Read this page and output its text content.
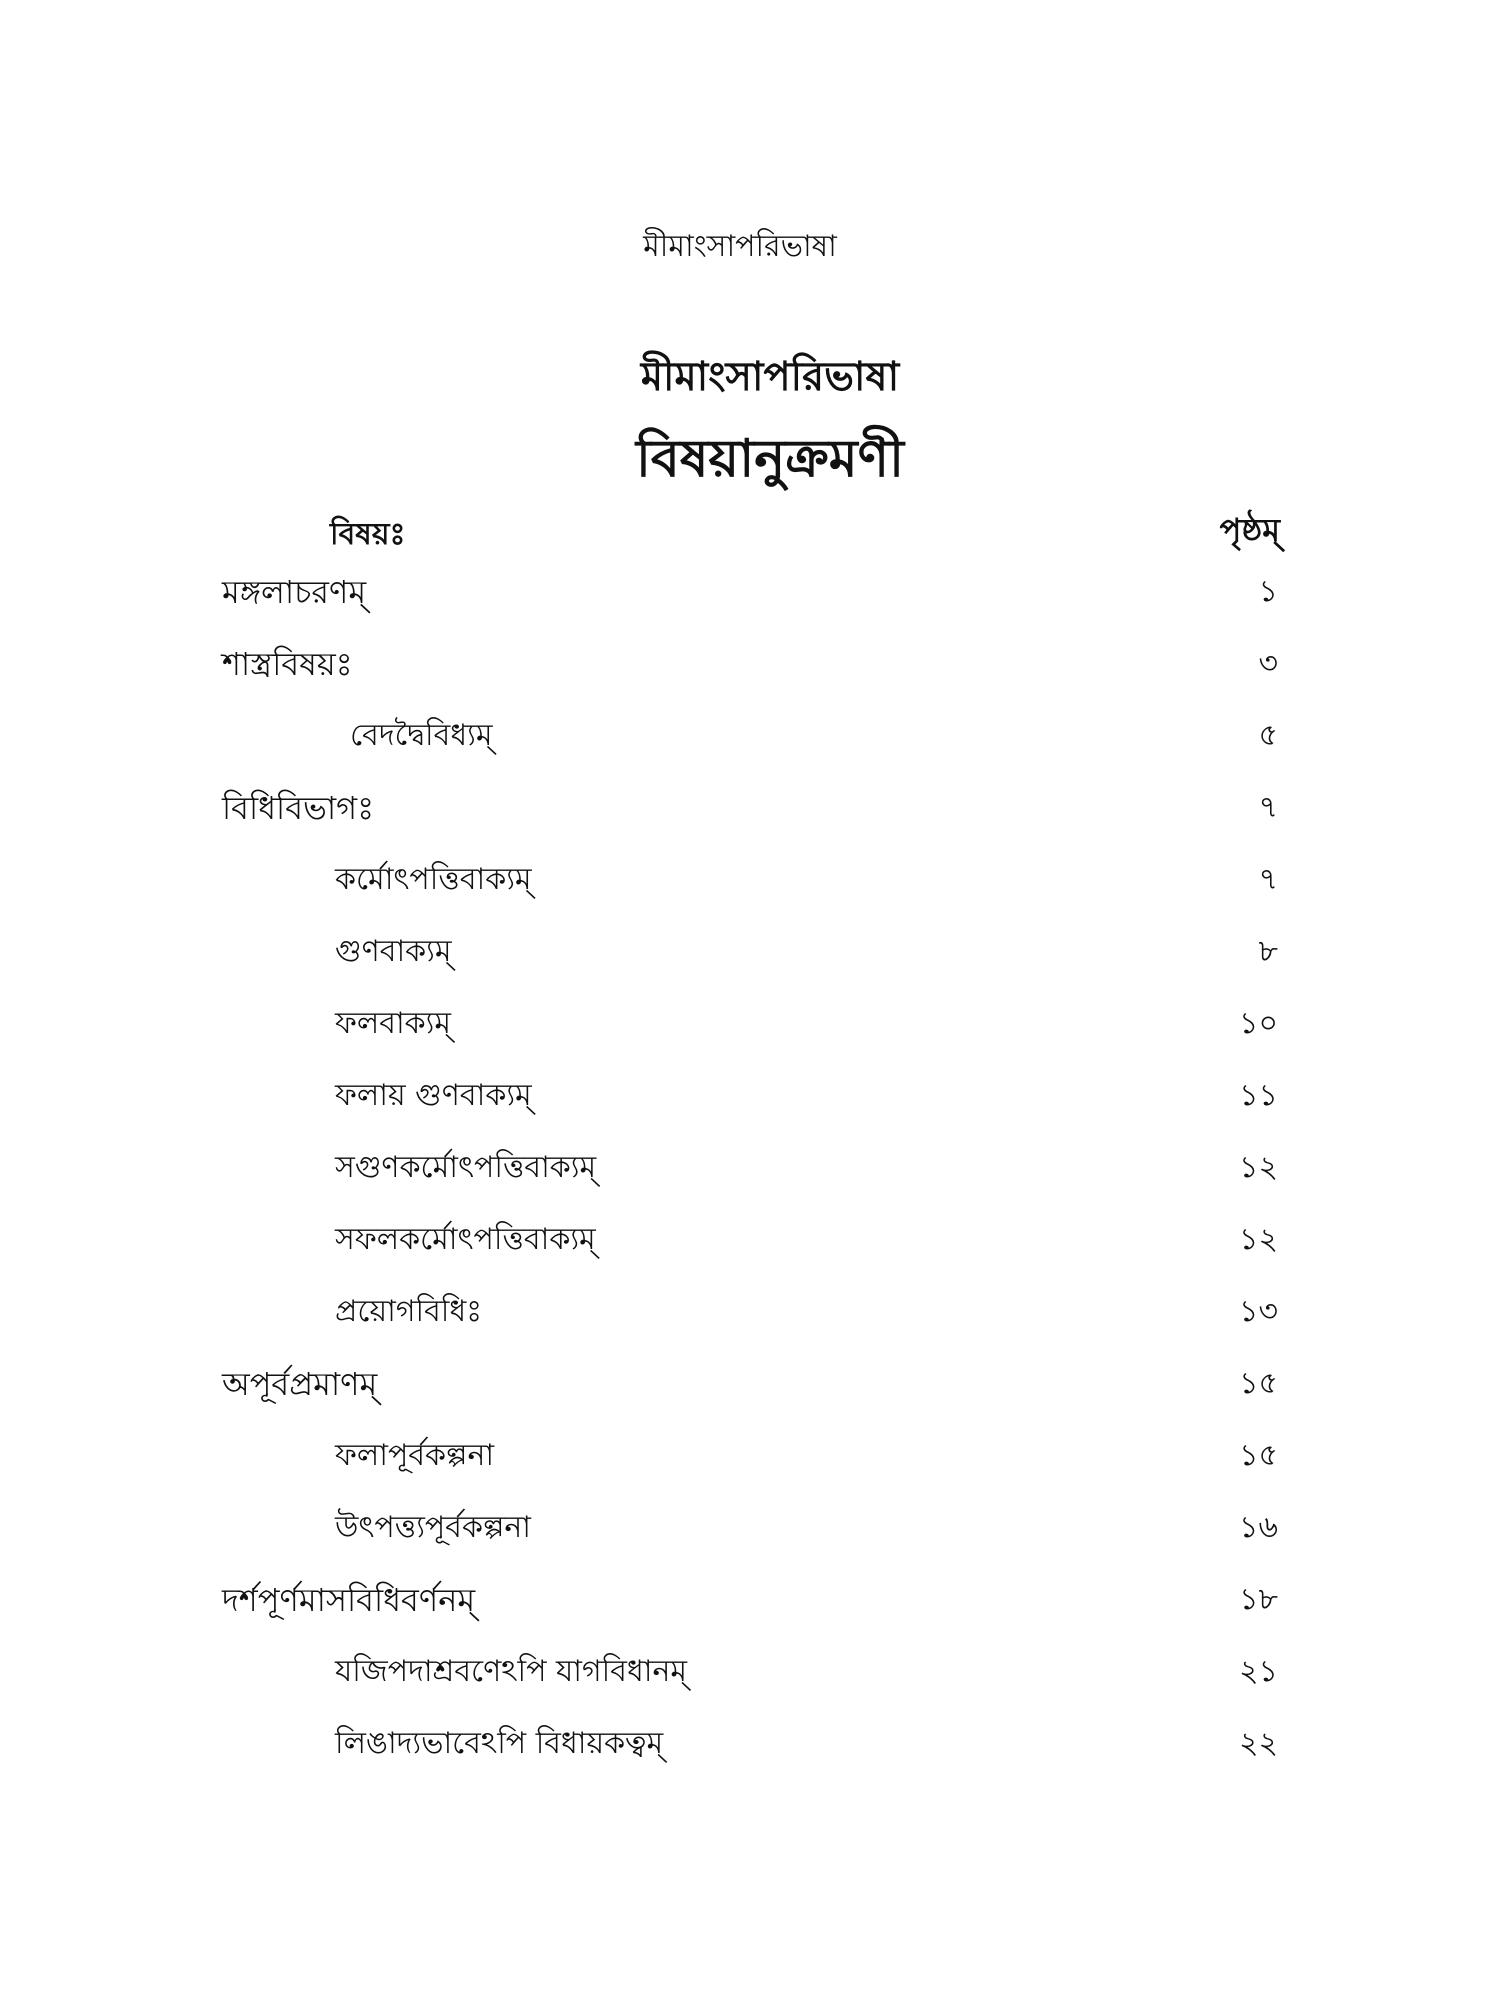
মীমাংসাপরিভাষা
মীমাংসাপরিভাষা
বিষয়ানুক্রমণী
বিষয়ঃ	পৃষ্ঠম্
মঙ্গলাচরণম্	১
শাস্ত্রবিষয়ঃ	৩
বেদদ্বৈবিধ্যম্	৫
বিধিবিভাগঃ	৭
কর্মোৎপত্তিবাক্যম্	৭
গুণবাক্যম্	৮
ফলবাক্যম্	১০
ফলায় গুণবাক্যম্	১১
সগুণকর্মোৎপত্তিবাক্যম্	১২
সফলকর্মোৎপত্তিবাক্যম্	১২
প্রয়োগবিধিঃ	১৩
অপূর্বপ্রমাণম্	১৫
ফলাপূর্বকল্পনা	১৫
উৎপত্ত্যপূর্বকল্পনা	১৬
দর্শপূর্ণমাসবিধিবর্ণনম্	১৮
যজিপদাশ্রবণেঽপি যাগবিধানম্	২১
লিঙাদ্যভাবেঽপি বিধায়কত্বম্	২২
